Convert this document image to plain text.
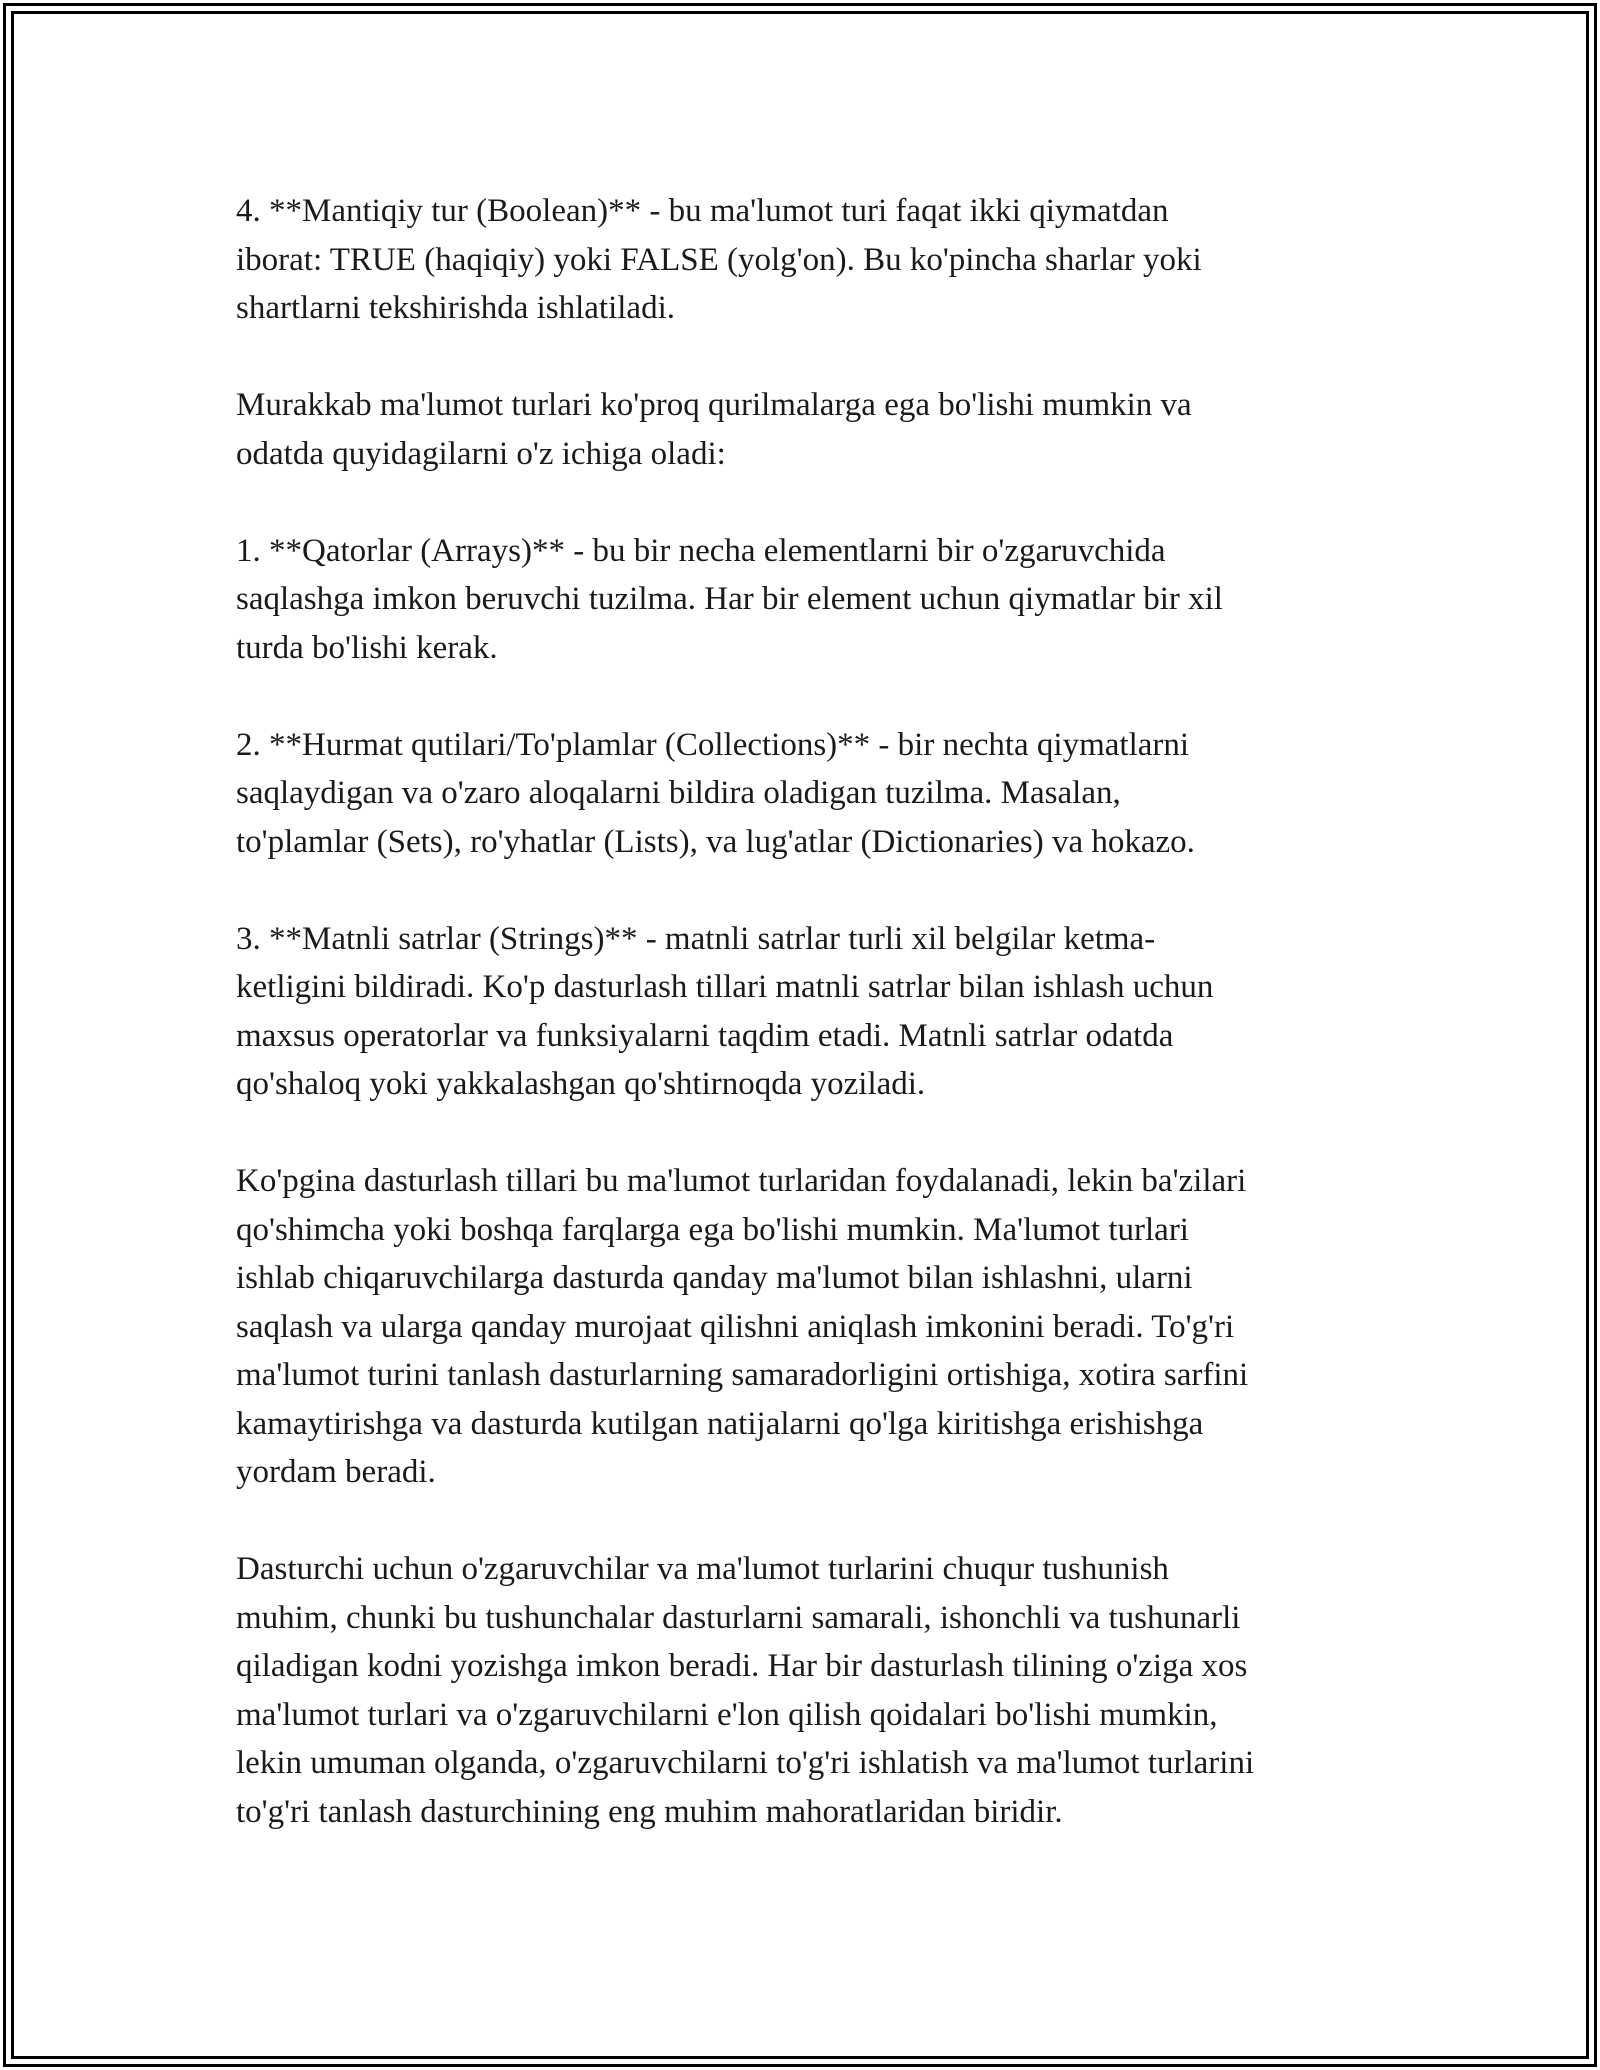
4. **Mantiqiy tur (Boolean)** - bu ma'lumot turi faqat ikki qiymatdan
iborat: TRUE (haqiqiy) yoki FALSE (yolg'on). Bu ko'pincha sharlar yoki
shartlarni tekshirishda ishlatiladi.

Murakkab ma'lumot turlari ko'proq qurilmalarga ega bo'lishi mumkin va
odatda quyidagilarni o'z ichiga oladi:

1. **Qatorlar (Arrays)** - bu bir necha elementlarni bir o'zgaruvchida
saqlashga imkon beruvchi tuzilma. Har bir element uchun qiymatlar bir xil
turda bo'lishi kerak.

2. **Hurmat qutilari/To'plamlar (Collections)** - bir nechta qiymatlarni
saqlaydigan va o'zaro aloqalarni bildira oladigan tuzilma. Masalan,
to'plamlar (Sets), ro'yhatlar (Lists), va lug'atlar (Dictionaries) va hokazo.

3. **Matnli satrlar (Strings)** - matnli satrlar turli xil belgilar ketma-
ketligini bildiradi. Ko'p dasturlash tillari matnli satrlar bilan ishlash uchun
maxsus operatorlar va funksiyalarni taqdim etadi. Matnli satrlar odatda
qo'shaloq yoki yakkalashgan qo'shtirnoqda yoziladi.

Ko'pgina dasturlash tillari bu ma'lumot turlaridan foydalanadi, lekin ba'zilari
qo'shimcha yoki boshqa farqlarga ega bo'lishi mumkin. Ma'lumot turlari
ishlab chiqaruvchilarga dasturda qanday ma'lumot bilan ishlashni, ularni
saqlash va ularga qanday murojaat qilishni aniqlash imkonini beradi. To'g'ri
ma'lumot turini tanlash dasturlarning samaradorligini ortishiga, xotira sarfini
kamaytirishga va dasturda kutilgan natijalarni qo'lga kiritishga erishishga
yordam beradi.

Dasturchi uchun o'zgaruvchilar va ma'lumot turlarini chuqur tushunish
muhim, chunki bu tushunchalar dasturlarni samarali, ishonchli va tushunarli
qiladigan kodni yozishga imkon beradi. Har bir dasturlash tilining o'ziga xos
ma'lumot turlari va o'zgaruvchilarni e'lon qilish qoidalari bo'lishi mumkin,
lekin umuman olganda, o'zgaruvchilarni to'g'ri ishlatish va ma'lumot turlarini
to'g'ri tanlash dasturchining eng muhim mahoratlaridan biridir.
